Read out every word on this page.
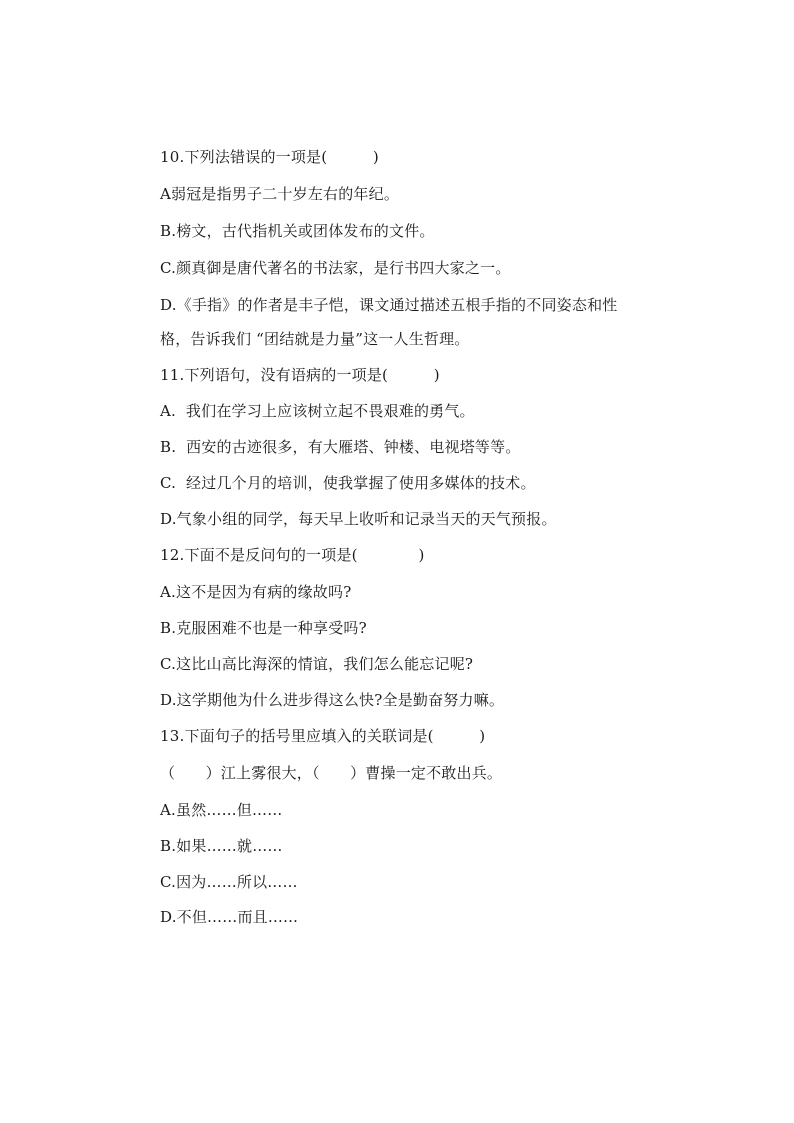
10.下列法错误的一项是(　　　)
A弱冠是指男子二十岁左右的年纪。
B.榜文，古代指机关或团体发布的文件。
C.颜真御是唐代著名的书法家，是行书四大家之一。
D.《手指》的作者是丰子恺，课文通过描述五根手指的不同姿态和性
格，告诉我们 “团结就是力量”这一人生哲理。
11.下列语句，没有语病的一项是(　　　)
A.  我们在学习上应该树立起不畏艰难的勇气。
B.  西安的古迹很多，有大雁塔、钟楼、电视塔等等。
C.  经过几个月的培训，使我掌握了使用多媒体的技术。
D.气象小组的同学，每天早上收听和记录当天的天气预报。
12.下面不是反问句的一项是(　　　　)
A.这不是因为有病的缘故吗?
B.克服困难不也是一种享受吗?
C.这比山高比海深的情谊，我们怎么能忘记呢?
D.这学期他为什么进步得这么快?全是勤奋努力嘛。
13.下面句子的括号里应填入的关联词是(　　　)
（　　）江上雾很大，（　　）曹操一定不敢出兵。
A.虽然……但……
B.如果……就……
C.因为……所以……
D.不但……而且……
